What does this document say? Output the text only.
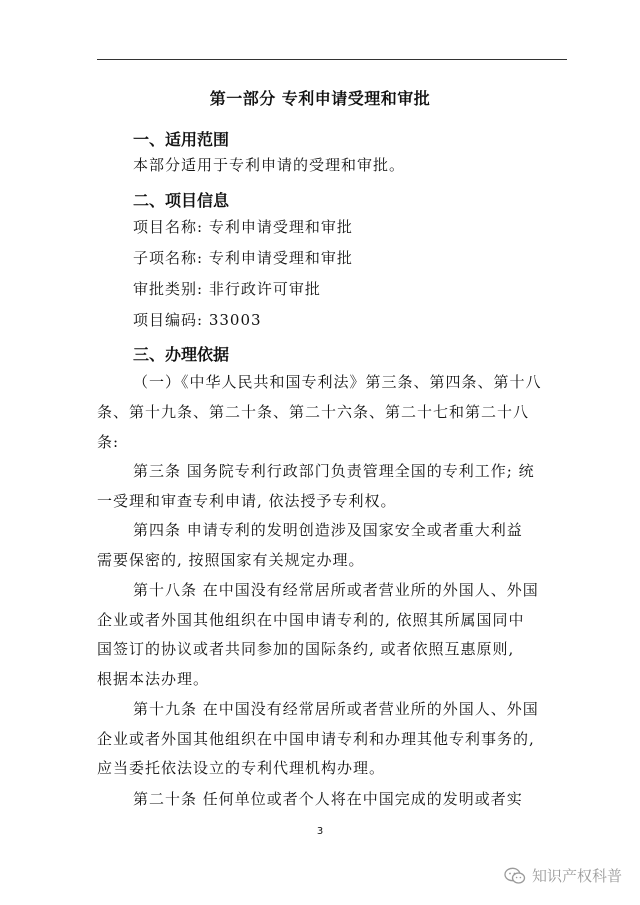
第一部分 专利申请受理和审批
一、适用范围
本部分适用于专利申请的受理和审批。
二、项目信息
项目名称: 专利申请受理和审批
子项名称: 专利申请受理和审批
审批类别: 非行政许可审批
项目编码: 33003
三、办理依据
（一）《中华人民共和国专利法》第三条、第四条、第十八
条、第十九条、第二十条、第二十六条、第二十七和第二十八
条:
第三条 国务院专利行政部门负责管理全国的专利工作; 统
一受理和审查专利申请, 依法授予专利权。
第四条 申请专利的发明创造涉及国家安全或者重大利益
需要保密的, 按照国家有关规定办理。
第十八条 在中国没有经常居所或者营业所的外国人、外国
企业或者外国其他组织在中国申请专利的, 依照其所属国同中
国签订的协议或者共同参加的国际条约, 或者依照互惠原则,
根据本法办理。
第十九条 在中国没有经常居所或者营业所的外国人、外国
企业或者外国其他组织在中国申请专利和办理其他专利事务的,
应当委托依法设立的专利代理机构办理。
第二十条 任何单位或者个人将在中国完成的发明或者实
3
知识产权科普
